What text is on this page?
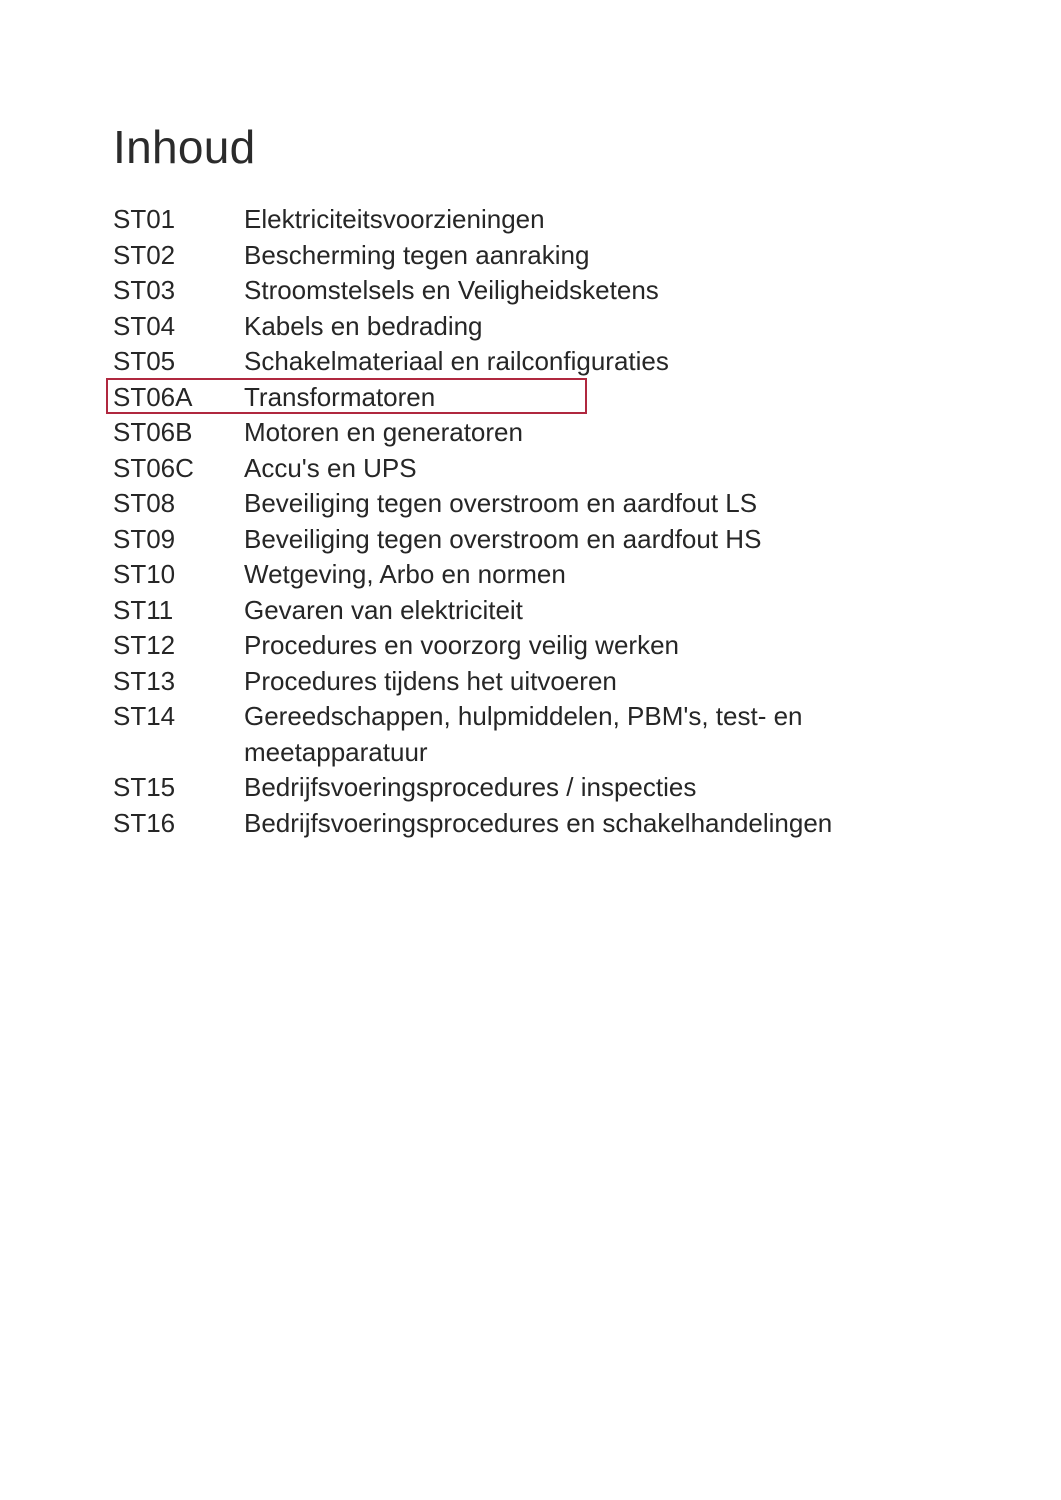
Inhoud
ST01	Elektriciteitsvoorzieningen
ST02	Bescherming tegen aanraking
ST03	Stroomstelsels en Veiligheidsketens
ST04	Kabels en bedrading
ST05	Schakelmateriaal en railconfiguraties
ST06A	Transformatoren
ST06B	Motoren en generatoren
ST06C	Accu's en UPS
ST08	Beveiliging tegen overstroom en aardfout LS
ST09	Beveiliging tegen overstroom en aardfout HS
ST10	Wetgeving, Arbo en normen
ST11	Gevaren van elektriciteit
ST12	Procedures en voorzorg veilig werken
ST13	Procedures tijdens het uitvoeren
ST14	Gereedschappen, hulpmiddelen, PBM's, test- en meetapparatuur
ST15	Bedrijfsvoeringsprocedures / inspecties
ST16	Bedrijfsvoeringsprocedures en schakelhandelingen
